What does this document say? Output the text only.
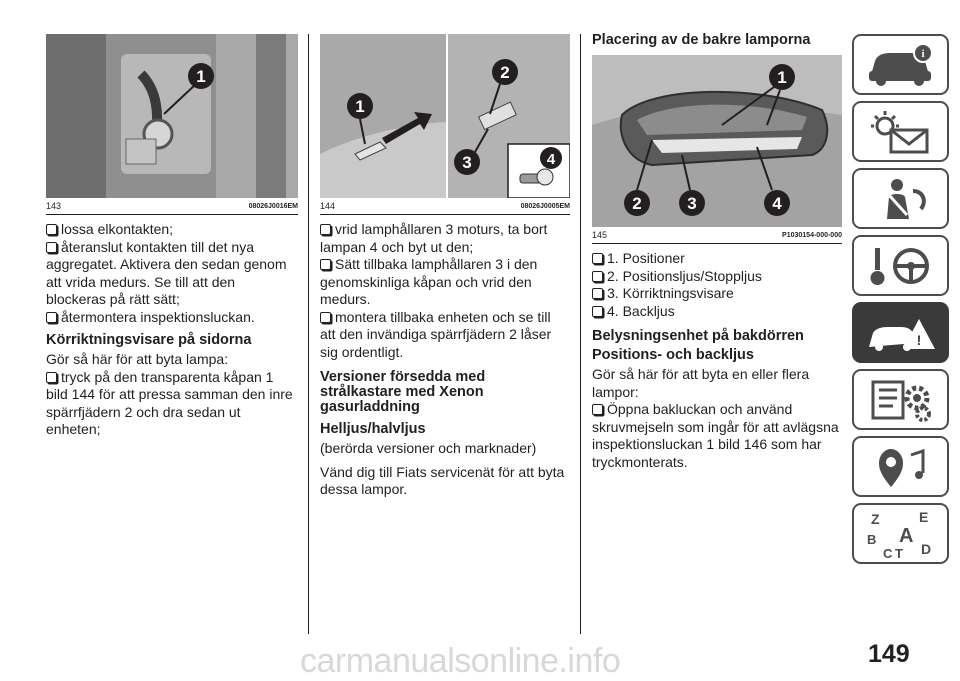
1
143	08026J0016EM
lossa elkontakten;
återanslut kontakten till det nya aggregatet. Aktivera den sedan genom att vrida medurs. Se till att den blockeras på rätt sätt;
återmontera inspektionsluckan.
Körriktningsvisare på sidorna

Gör så här för att byta lampa:

tryck på den transparenta kåpan 1 bild 144 för att pressa samman den inre spärrfjädern 2 och dra sedan ut enheten;
1
2
3	4
144	08026J0005EM
vrid lamphållaren 3 moturs, ta bort lampan 4 och byt ut den;
Sätt tillbaka lamphållaren 3 i den genomskinliga kåpan och vrid den medurs.
montera tillbaka enheten och se till att den invändiga spärrfjädern 2 låser sig ordentligt.
Versioner försedda med strålkastare med Xenon gasurladdning
Helljus/halvljus

(berörda versioner och marknader)

Vänd dig till Fiats servicenät för att byta dessa lampor.

Placering av de bakre lamporna
1
2	3	4
145	P1030154-000-000
1. Positioner
2. Positionsljus/Stoppljus
3. Körriktningsvisare
4. Backljus
Belysningsenhet på bakdörren
Positions- och backljus

Gör så här för att byta en eller flera lampor:

Öppna bakluckan och använd skruvmejseln som ingår för att avlägsna inspektionsluckan 1 bild 146 som har tryckmonterats.
i
!
Z	E
A
B
C D
T
carmanualsonline.info	149
